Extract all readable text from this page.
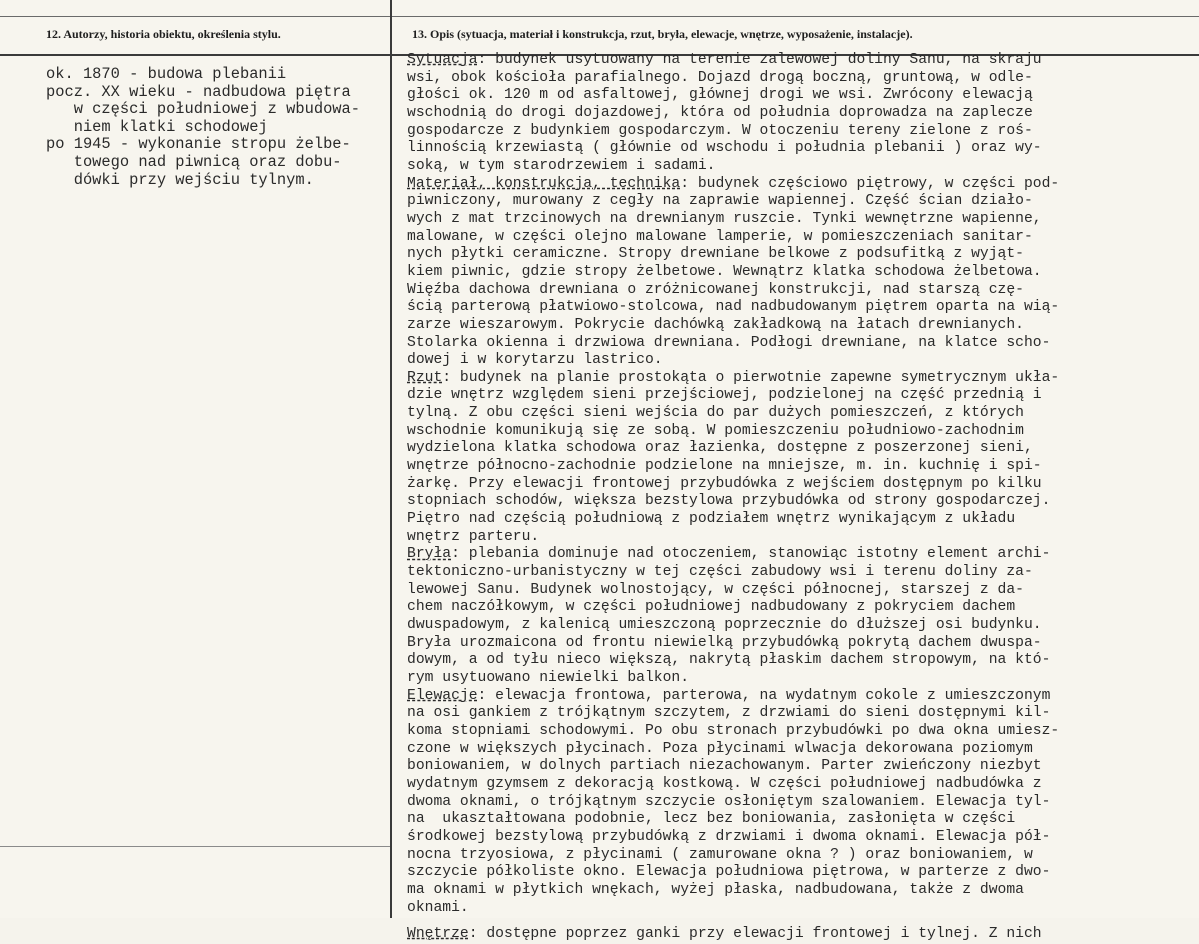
12. Autorzy, historia obiektu, określenia stylu.	13. Opis (sytuacja, materiał i konstrukcja, rzut, bryła, elewacje, wnętrze, wyposażenie, instalacje).
ok. 1870 - budowa plebanii
pocz. XX wieku - nadbudowa piętra
w części południowej z wbudowa-
niem klatki schodowej
po 1945 - wykonanie stropu żelbe-
towego nad piwnicą oraz dobu-
dówki przy wejściu tylnym.
Sytuacja: budynek usytuowany na terenie zalewowej doliny Sanu, na skraju
wsi, obok kościoła parafialnego. Dojazd drogą boczną, gruntową, w odle-
głości ok. 120 m od asfaltowej, głównej drogi we wsi. Zwrócony elewacją
wschodnią do drogi dojazdowej, która od południa doprowadza na zaplecze
gospodarcze z budynkiem gospodarczym. W otoczeniu tereny zielone z roś-
linnością krzewiastą ( głównie od wschodu i południa plebanii ) oraz wy-
soką, w tym starodrzewiem i sadami.
Materiał, konstrukcja, technika: budynek częściowo piętrowy, w części pod-
piwniczony, murowany z cegły na zaprawie wapiennej. Część ścian działo-
wych z mat trzcinowych na drewnianym ruszcie. Tynki wewnętrzne wapienne,
malowane, w części olejno malowane lamperie, w pomieszczeniach sanitar-
nych płytki ceramiczne. Stropy drewniane belkowe z podsufitką z wyjąt-
kiem piwnic, gdzie stropy żelbetowe. Wewnątrz klatka schodowa żelbetowa.
Więźba dachowa drewniana o zróżnicowanej konstrukcji, nad starszą czę-
ścią parterową płatwiowo-stolcowa, nad nadbudowanym piętrem oparta na wią-
zarze wieszarowym. Pokrycie dachówką zakładkową na łatach drewnianych.
Stolarka okienna i drzwiowa drewniana. Podłogi drewniane, na klatce scho-
dowej i w korytarzu lastrico.
Rzut: budynek na planie prostokąta o pierwotnie zapewne symetrycznym ukła-
dzie wnętrz względem sieni przejściowej, podzielonej na część przednią i
tylną. Z obu części sieni wejścia do par dużych pomieszczeń, z których
wschodnie komunikują się ze sobą. W pomieszczeniu południowo-zachodnim
wydzielona klatka schodowa oraz łazienka, dostępne z poszerzonej sieni,
wnętrze północno-zachodnie podzielone na mniejsze, m. in. kuchnię i spi-
żarkę. Przy elewacji frontowej przybudówka z wejściem dostępnym po kilku
stopniach schodów, większa bezstylowa przybudówka od strony gospodarczej.
Piętro nad częścią południową z podziałem wnętrz wynikającym z układu
wnętrz parteru.
Bryła: plebania dominuje nad otoczeniem, stanowiąc istotny element archi-
tektoniczno-urbanistyczny w tej części zabudowy wsi i terenu doliny za-
lewowej Sanu. Budynek wolnostojący, w części północnej, starszej z da-
chem naczółkowym, w części południowej nadbudowany z pokryciem dachem
dwuspadowym, z kalenicą umieszczoną poprzecznie do dłuższej osi budynku.
Bryła urozmaicona od frontu niewielką przybudówką pokrytą dachem dwuspa-
dowym, a od tyłu nieco większą, nakrytą płaskim dachem stropowym, na któ-
rym usytuowano niewielki balkon.
Elewacje: elewacja frontowa, parterowa, na wydatnym cokole z umieszczonym
na osi gankiem z trójkątnym szczytem, z drzwiami do sieni dostępnymi kil-
koma stopniami schodowymi. Po obu stronach przybudówki po dwa okna umiesz-
czone w większych płycinach. Poza płycinami wlwacja dekorowana poziomym
boniowaniem, w dolnych partiach niezachowanym. Parter zwieńczony niezbyt
wydatnym gzymsem z dekoracją kostkową. W części południowej nadbudówka z
dwoma oknami, o trójkątnym szczycie osłoniętym szalowaniem. Elewacja tyl-
na  ukaształtowana podobnie, lecz bez boniowania, zasłonięta w części
środkowej bezstylową przybudówką z drzwiami i dwoma oknami. Elewacja pół-
nocna trzyosiowa, z płycinami ( zamurowane okna ? ) oraz boniowaniem, w
szczycie półkoliste okno. Elewacja południowa piętrowa, w parterze z dwo-
ma oknami w płytkich wnękach, wyżej płaska, nadbudowana, także z dwoma
oknami.
Wnętrze: dostępne poprzez ganki przy elewacji frontowej i tylnej. Z nich
